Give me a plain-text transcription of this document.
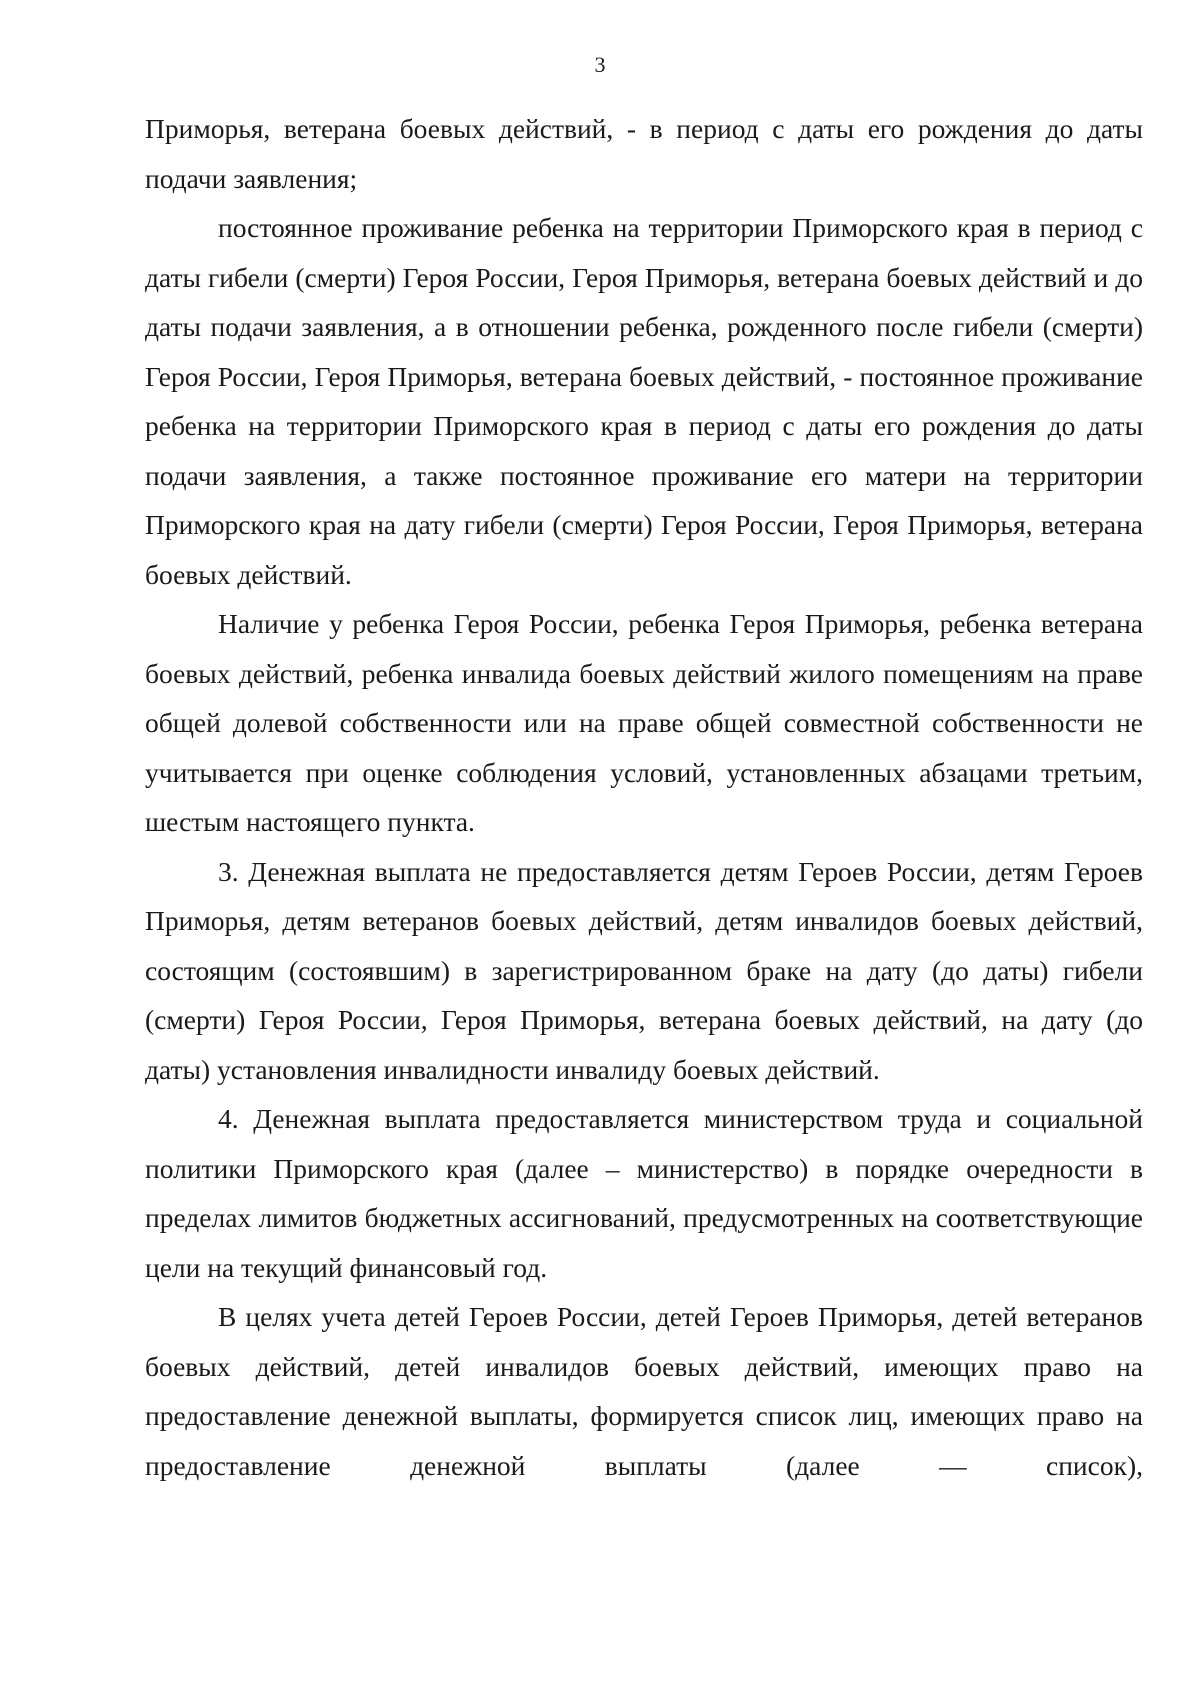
3

Приморья, ветерана боевых действий, - в период с даты его рождения до даты подачи заявления;

постоянное проживание ребенка на территории Приморского края в период с даты гибели (смерти) Героя России, Героя Приморья, ветерана боевых действий и до даты подачи заявления, а в отношении ребенка, рожденного после гибели (смерти) Героя России, Героя Приморья, ветерана боевых действий, - постоянное проживание ребенка на территории Приморского края в период с даты его рождения до даты подачи заявления, а также постоянное проживание его матери на территории Приморского края на дату гибели (смерти) Героя России, Героя Приморья, ветерана боевых действий.

Наличие у ребенка Героя России, ребенка Героя Приморья, ребенка ветерана боевых действий, ребенка инвалида боевых действий жилого помещениям на праве общей долевой собственности или на праве общей совместной собственности не учитывается при оценке соблюдения условий, установленных абзацами третьим, шестым настоящего пункта.

3. Денежная выплата не предоставляется детям Героев России, детям Героев Приморья, детям ветеранов боевых действий, детям инвалидов боевых действий, состоящим (состоявшим) в зарегистрированном браке на дату (до даты) гибели (смерти) Героя России, Героя Приморья, ветерана боевых действий, на дату (до даты) установления инвалидности инвалиду боевых действий.

4. Денежная выплата предоставляется министерством труда и социальной политики Приморского края (далее – министерство) в порядке очередности в пределах лимитов бюджетных ассигнований, предусмотренных на соответствующие цели на текущий финансовый год.

В целях учета детей Героев России, детей Героев Приморья, детей ветеранов боевых действий, детей инвалидов боевых действий, имеющих право на предоставление денежной выплаты, формируется список лиц, имеющих право на предоставление денежной выплаты (далее — список),
